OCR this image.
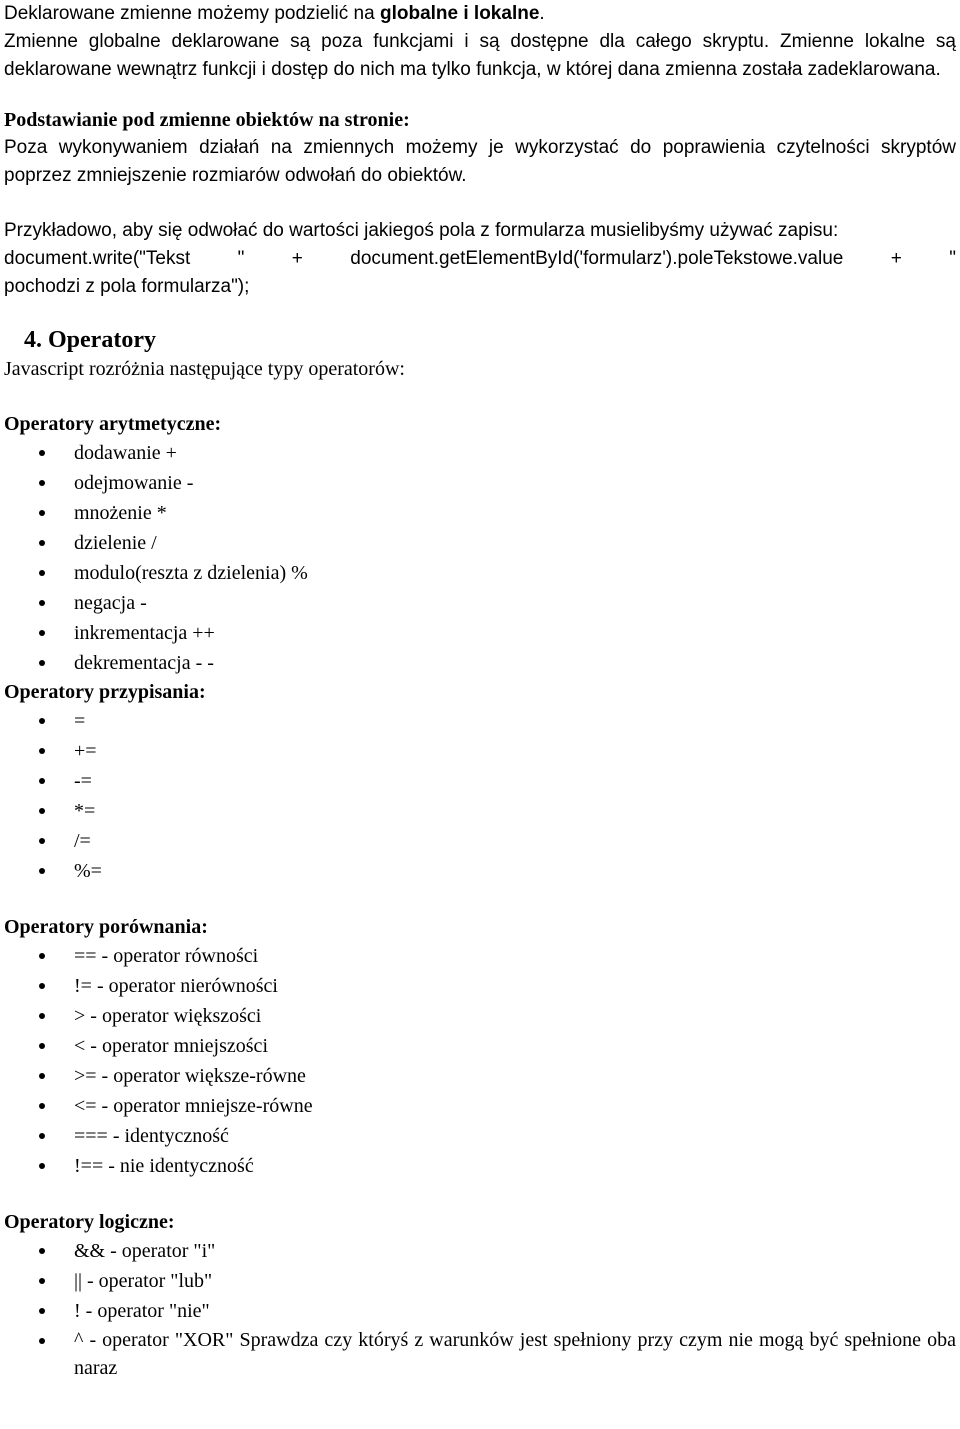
Deklarowane zmienne możemy podzielić na globalne i lokalne.

Zmienne globalne deklarowane są poza funkcjami i są dostępne dla całego skryptu. Zmienne lokalne są deklarowane wewnątrz funkcji i dostęp do nich ma tylko funkcja, w której dana zmienna została zadeklarowana.

Podstawianie pod zmienne obiektów na stronie:

Poza wykonywaniem działań na zmiennych możemy je wykorzystać do poprawienia czytelności skryptów poprzez zmniejszenie rozmiarów odwołań do obiektów.

Przykładowo, aby się odwołać do wartości jakiegoś pola z formularza musielibyśmy używać zapisu:

document.write("Tekst " + document.getElementById('formularz').poleTekstowe.value + "

pochodzi z pola formularza");

4. Operatory

Javascript rozróżnia następujące typy operatorów:

Operatory arytmetyczne:

dodawanie +
odejmowanie -
mnożenie *
dzielenie /
modulo(reszta z dzielenia) %
negacja -
inkrementacja ++
dekrementacja - -

Operatory przypisania:

=
+=
-=
*=
/=
%=

Operatory porównania:

== - operator równości
!= - operator nierówności
> - operator większości
< - operator mniejszości
>= - operator większe-równe
<= - operator mniejsze-równe
=== - identyczność
!== - nie identyczność

Operatory logiczne:

&& - operator "i"
|| - operator "lub"
! - operator "nie"
^ - operator "XOR" Sprawdza czy któryś z warunków jest spełniony przy czym nie mogą być spełnione oba naraz
